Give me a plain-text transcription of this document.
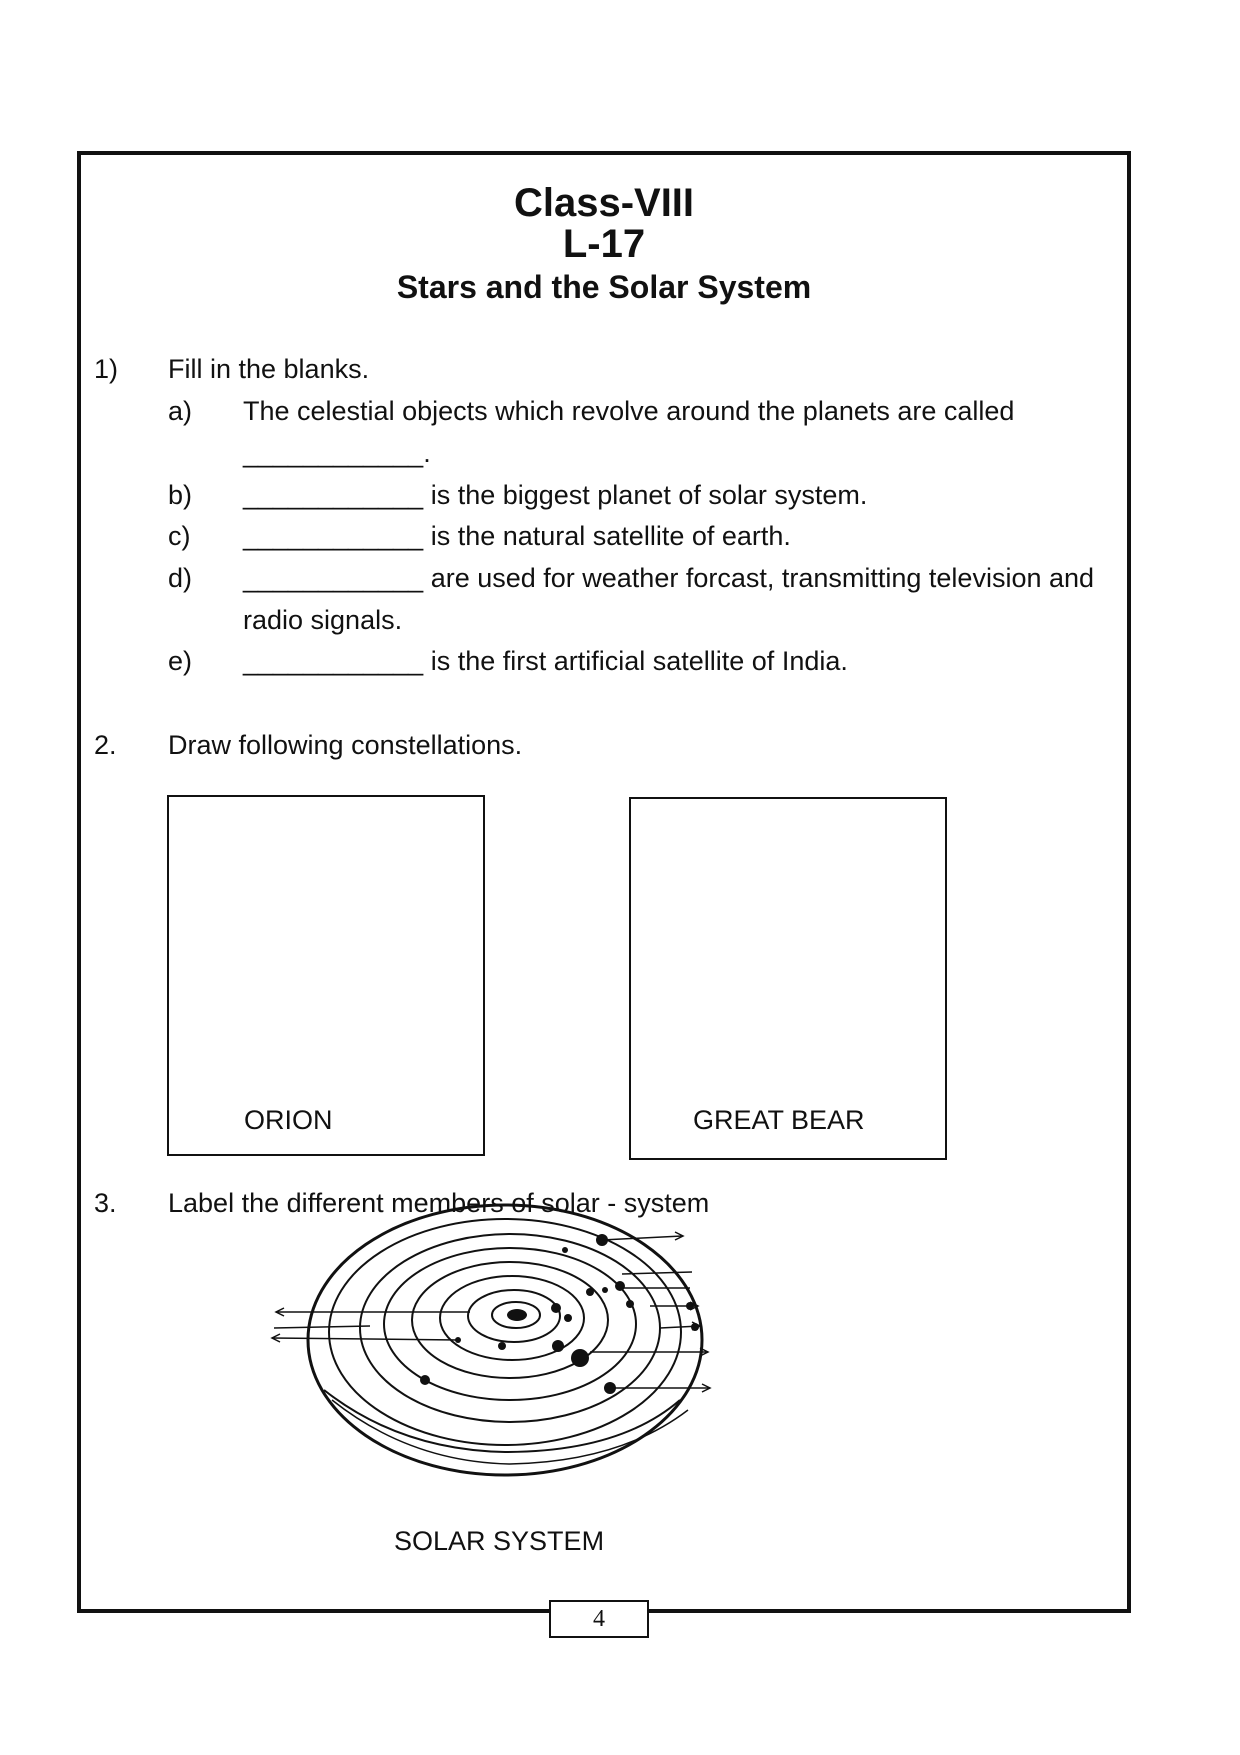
Class-VIII
L-17
Stars and the Solar System
1) Fill in the blanks.
a) The celestial objects which revolve around the planets are called
____________.
b) ____________ is the biggest planet of solar system.
c) ____________ is the natural satellite of earth.
d) ____________ are used for weather forcast, transmitting television and
radio signals.
e) ____________ is the first artificial satellite of India.
2. Draw following constellations.
ORION	GREAT BEAR
3. Label the different members of solar - system
SOLAR SYSTEM
4
